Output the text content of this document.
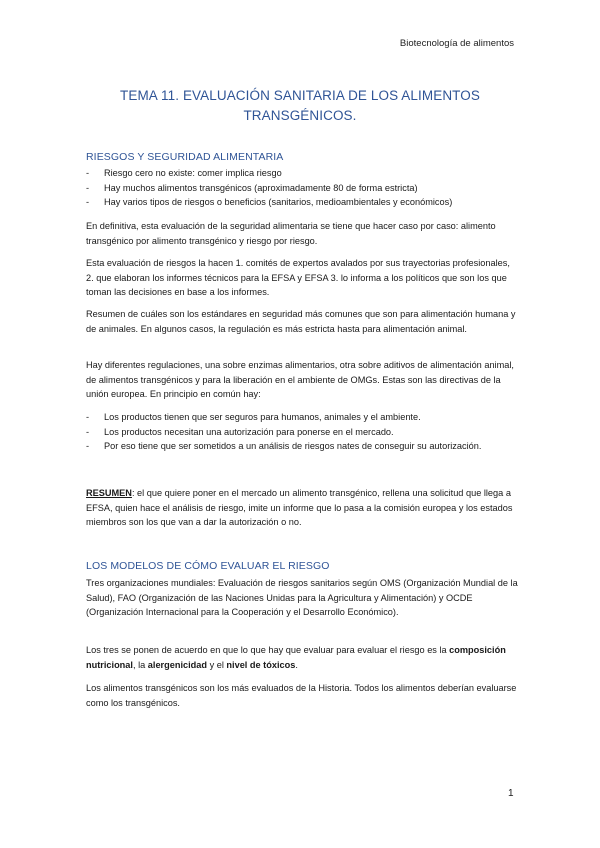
Biotecnología de alimentos
TEMA 11. EVALUACIÓN SANITARIA DE LOS ALIMENTOS TRANSGÉNICOS.
RIESGOS Y SEGURIDAD ALIMENTARIA
- Riesgo cero no existe: comer implica riesgo
- Hay muchos alimentos transgénicos (aproximadamente 80 de forma estricta)
- Hay varios tipos de riesgos o beneficios (sanitarios, medioambientales y económicos)

En definitiva, esta evaluación de la seguridad alimentaria se tiene que hacer caso por caso: alimento transgénico por alimento transgénico y riesgo por riesgo.

Esta evaluación de riesgos la hacen 1. comités de expertos avalados por sus trayectorias profesionales, 2. que elaboran los informes técnicos para la EFSA y EFSA 3. lo informa a los políticos que son los que toman las decisiones en base a los informes.

Resumen de cuáles son los estándares en seguridad más comunes que son para alimentación humana y de animales. En algunos casos, la regulación es más estricta hasta para alimentación animal.

Hay diferentes regulaciones, una sobre enzimas alimentarios, otra sobre aditivos de alimentación animal, de alimentos transgénicos y para la liberación en el ambiente de OMGs. Estas son las directivas de la unión europea. En principio en común hay:

- Los productos tienen que ser seguros para humanos, animales y el ambiente.
- Los productos necesitan una autorización para ponerse en el mercado.
- Por eso tiene que ser sometidos a un análisis de riesgos nates de conseguir su autorización.

RESUMEN: el que quiere poner en el mercado un alimento transgénico, rellena una solicitud que llega a EFSA, quien hace el análisis de riesgo, imite un informe que lo pasa a la comisión europea y los estados miembros son los que van a dar la autorización o no.

LOS MODELOS DE CÓMO EVALUAR EL RIESGO

Tres organizaciones mundiales: Evaluación de riesgos sanitarios según OMS (Organización Mundial de la Salud), FAO (Organización de las Naciones Unidas para la Agricultura y Alimentación) y OCDE (Organización Internacional para la Cooperación y el Desarrollo Económico).

Los tres se ponen de acuerdo en que lo que hay que evaluar para evaluar el riesgo es la composición nutricional, la alergenicidad y el nivel de tóxicos.

Los alimentos transgénicos son los más evaluados de la Historia. Todos los alimentos deberían evaluarse como los transgénicos.

1
